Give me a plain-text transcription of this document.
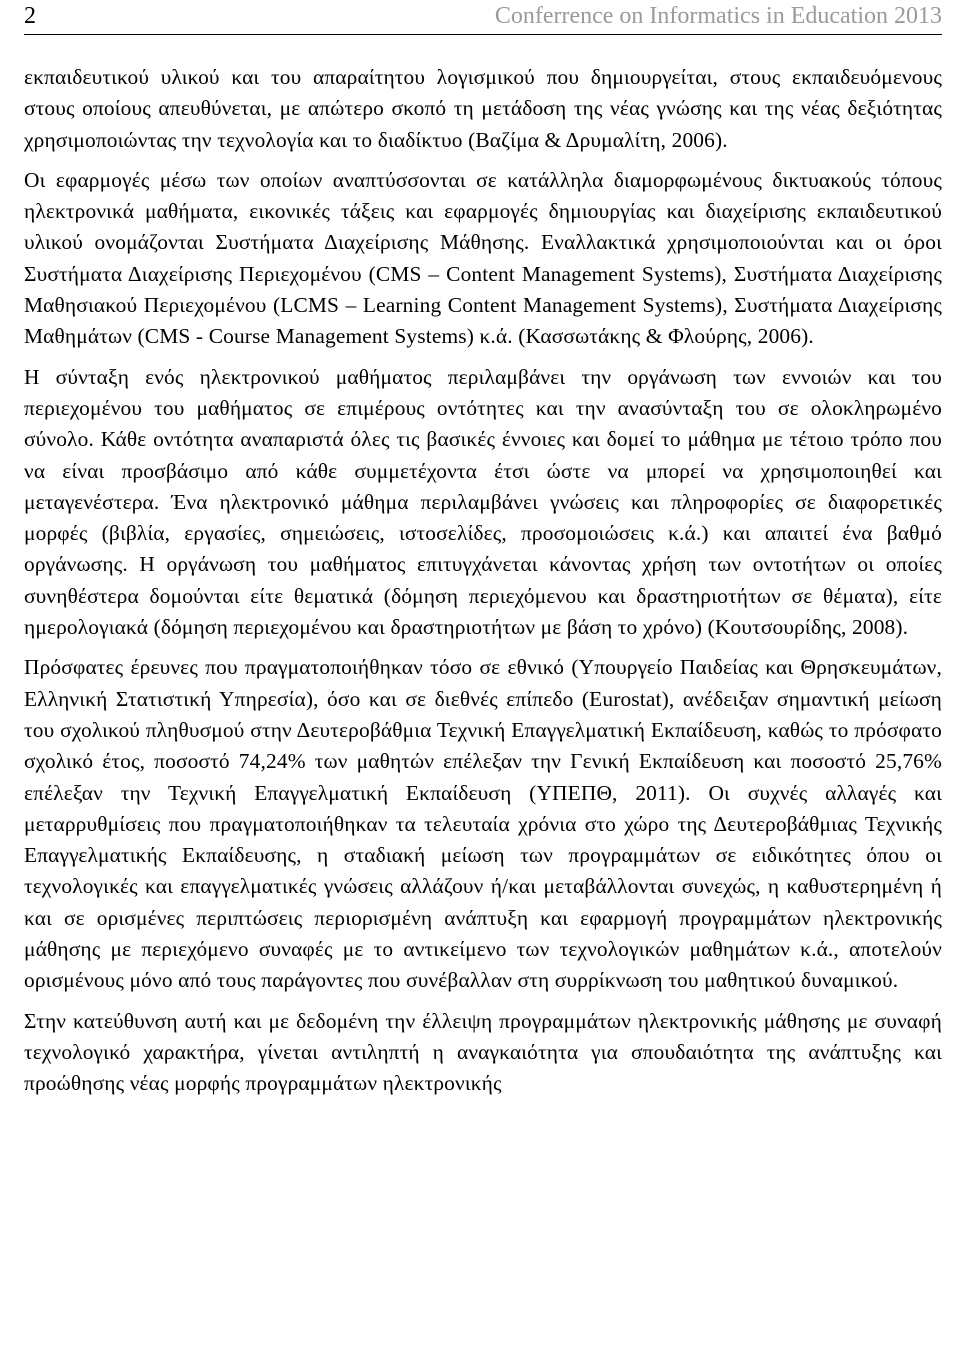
2	Conferrence on Informatics in Education 2013

εκπαιδευτικού υλικού και του απαραίτητου λογισμικού που δημιουργείται, στους εκπαιδευόμενους στους οποίους απευθύνεται, με απώτερο σκοπό τη μετάδοση της νέας γνώσης και της νέας δεξιότητας χρησιμοποιώντας την τεχνολογία και το διαδίκτυο (Βαζίμα & Δρυμαλίτη, 2006).

Οι εφαρμογές μέσω των οποίων αναπτύσσονται σε κατάλληλα διαμορφωμένους δικτυακούς τόπους ηλεκτρονικά μαθήματα, εικονικές τάξεις και εφαρμογές δημιουργίας και διαχείρισης εκπαιδευτικού υλικού ονομάζονται Συστήματα Διαχείρισης Μάθησης. Εναλλακτικά χρησιμοποιούνται και οι όροι Συστήματα Διαχείρισης Περιεχομένου (CMS – Content Management Systems), Συστήματα Διαχείρισης Μαθησιακού Περιεχομένου (LCMS – Learning Content Management Systems), Συστήματα Διαχείρισης Μαθημάτων (CMS - Course Management Systems) κ.ά. (Κασσωτάκης & Φλούρης, 2006).

Η σύνταξη ενός ηλεκτρονικού μαθήματος περιλαμβάνει την οργάνωση των εννοιών και του περιεχομένου του μαθήματος σε επιμέρους οντότητες και την ανασύνταξη του σε ολοκληρωμένο σύνολο. Κάθε οντότητα αναπαριστά όλες τις βασικές έννοιες και δομεί το μάθημα με τέτοιο τρόπο που να είναι προσβάσιμο από κάθε συμμετέχοντα έτσι ώστε να μπορεί να χρησιμοποιηθεί και μεταγενέστερα. Ένα ηλεκτρονικό μάθημα περιλαμβάνει γνώσεις και πληροφορίες σε διαφορετικές μορφές (βιβλία, εργασίες, σημειώσεις, ιστοσελίδες, προσομοιώσεις κ.ά.) και απαιτεί ένα βαθμό οργάνωσης. Η οργάνωση του μαθήματος επιτυγχάνεται κάνοντας χρήση των οντοτήτων οι οποίες συνηθέστερα δομούνται είτε θεματικά (δόμηση περιεχόμενου και δραστηριοτήτων σε θέματα), είτε ημερολογιακά (δόμηση περιεχομένου και δραστηριοτήτων με βάση το χρόνο) (Κουτσουρίδης, 2008).

Πρόσφατες έρευνες που πραγματοποιήθηκαν τόσο σε εθνικό (Υπουργείο Παιδείας και Θρησκευμάτων, Ελληνική Στατιστική Υπηρεσία), όσο και σε διεθνές επίπεδο (Eurostat), ανέδειξαν σημαντική μείωση του σχολικού πληθυσμού στην Δευτεροβάθμια Τεχνική Επαγγελματική Εκπαίδευση, καθώς το πρόσφατο σχολικό έτος, ποσοστό 74,24% των μαθητών επέλεξαν την Γενική Εκπαίδευση και ποσοστό 25,76% επέλεξαν την Τεχνική Επαγγελματική Εκπαίδευση (ΥΠΕΠΘ, 2011). Οι συχνές αλλαγές και μεταρρυθμίσεις που πραγματοποιήθηκαν τα τελευταία χρόνια στο χώρο της Δευτεροβάθμιας Τεχνικής Επαγγελματικής Εκπαίδευσης, η σταδιακή μείωση των προγραμμάτων σε ειδικότητες όπου οι τεχνολογικές και επαγγελματικές γνώσεις αλλάζουν ή/και μεταβάλλονται συνεχώς, η καθυστερημένη ή και σε ορισμένες περιπτώσεις περιορισμένη ανάπτυξη και εφαρμογή προγραμμάτων ηλεκτρονικής μάθησης με περιεχόμενο συναφές με το αντικείμενο των τεχνολογικών μαθημάτων κ.ά., αποτελούν ορισμένους μόνο από τους παράγοντες που συνέβαλλαν στη συρρίκνωση του μαθητικού δυναμικού.

Στην κατεύθυνση αυτή και με δεδομένη την έλλειψη προγραμμάτων ηλεκτρονικής μάθησης με συναφή τεχνολογικό χαρακτήρα, γίνεται αντιληπτή η αναγκαιότητα για σπουδαιότητα της ανάπτυξης και προώθησης νέας μορφής προγραμμάτων ηλεκτρονικής
